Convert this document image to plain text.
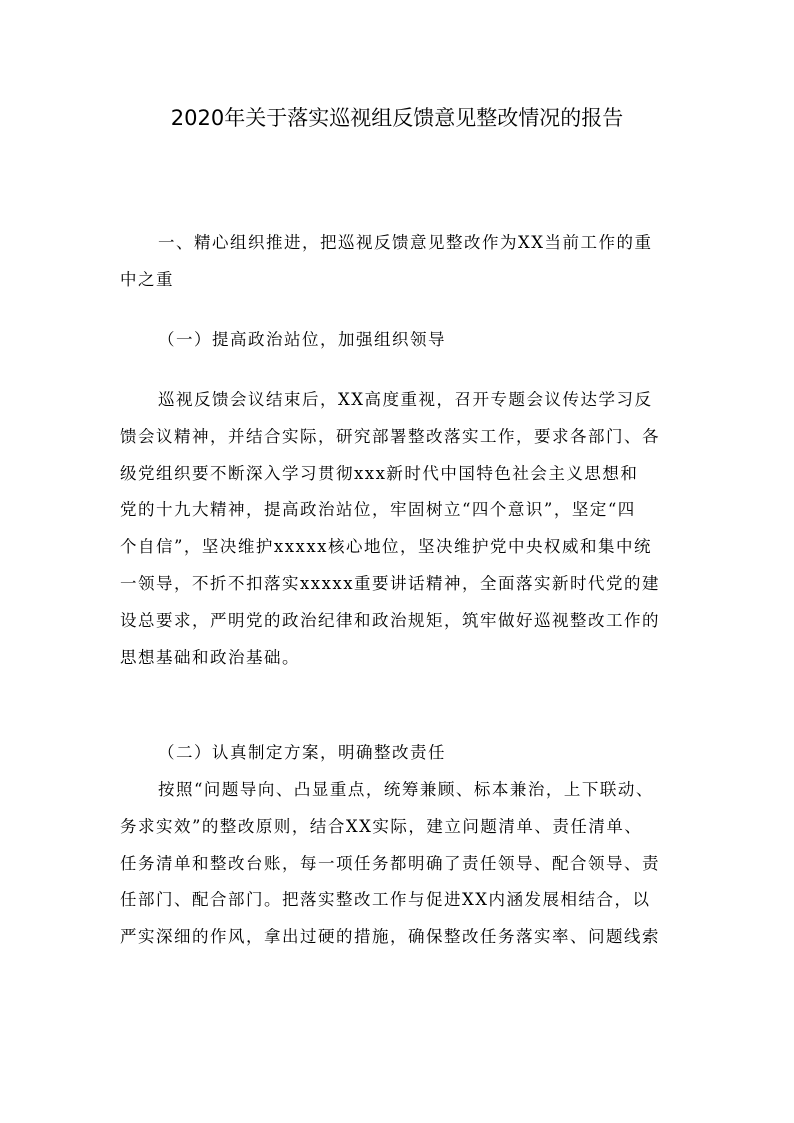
2020年关于落实巡视组反馈意见整改情况的报告
一、精心组织推进，把巡视反馈意见整改作为XX当前工作的重
中之重
（一）提高政治站位，加强组织领导
巡视反馈会议结束后，XX高度重视，召开专题会议传达学习反
馈会议精神，并结合实际，研究部署整改落实工作，要求各部门、各
级党组织要不断深入学习贯彻xxx新时代中国特色社会主义思想和
党的十九大精神，提高政治站位，牢固树立“四个意识”，坚定“四
个自信”，坚决维护xxxxx核心地位，坚决维护党中央权威和集中统
一领导，不折不扣落实xxxxx重要讲话精神，全面落实新时代党的建
设总要求，严明党的政治纪律和政治规矩，筑牢做好巡视整改工作的
思想基础和政治基础。
（二）认真制定方案，明确整改责任
按照“问题导向、凸显重点，统筹兼顾、标本兼治，上下联动、
务求实效”的整改原则，结合XX实际，建立问题清单、责任清单、
任务清单和整改台账，每一项任务都明确了责任领导、配合领导、责
任部门、配合部门。把落实整改工作与促进XX内涵发展相结合，以
严实深细的作风，拿出过硬的措施，确保整改任务落实率、问题线索
